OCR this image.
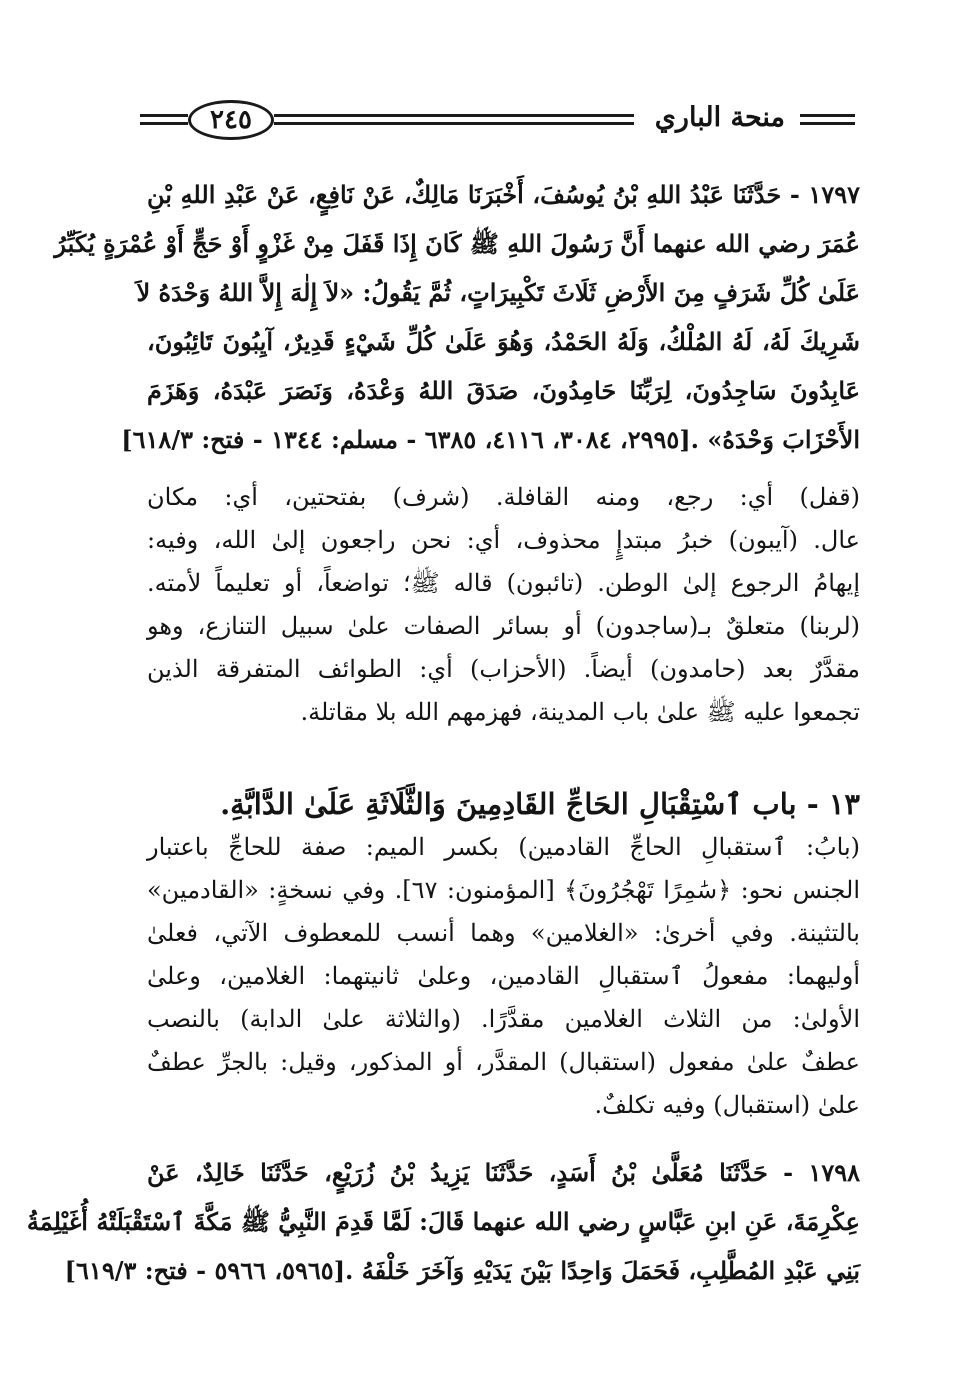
٢٤٥	منحة الباري
١٧٩٧ - حَدَّثَنَا عَبْدُ اللهِ بْنُ يُوسُفَ، أَخْبَرَنَا مَالِكٌ، عَنْ نَافِعٍ، عَنْ عَبْدِ اللهِ بْنِ
عُمَرَ رضي الله عنهما أَنَّ رَسُولَ اللهِ ﷺ كَانَ إِذَا قَفَلَ مِنْ غَزْوٍ أَوْ حَجٍّ أَوْ عُمْرَةٍ يُكَبِّرُ
عَلَىٰ كُلِّ شَرَفٍ مِنَ الأَرْضِ ثَلَاثَ تَكْبِيرَاتٍ، ثُمَّ يَقُولُ: «لاَ إِلٰهَ إِلاَّ اللهُ وَحْدَهُ لاَ
شَرِيكَ لَهُ، لَهُ المُلْكُ، وَلَهُ الحَمْدُ، وَهُوَ عَلَىٰ كُلِّ شَيْءٍ قَدِيرٌ، آيِبُونَ تَائِبُونَ،
عَابِدُونَ سَاجِدُونَ، لِرَبِّنَا حَامِدُونَ، صَدَقَ اللهُ وَعْدَهُ، وَنَصَرَ عَبْدَهُ، وَهَزَمَ
الأَحْزَابَ وَحْدَهُ» .[٢٩٩٥، ٣٠٨٤، ٤١١٦، ٦٣٨٥ - مسلم: ١٣٤٤ - فتح: ٦١٨/٣]
(قفل) أي: رجع، ومنه القافلة. (شرف) بفتحتين، أي: مكان
عال. (آيبون) خبرُ مبتدإٍ محذوف، أي: نحن راجعون إلىٰ الله، وفيه:
إيهامُ الرجوع إلىٰ الوطن. (تائبون) قاله ﷺ؛ تواضعاً، أو تعليماً لأمته.
(لربنا) متعلقٌ بـ(ساجدون) أو بسائر الصفات علىٰ سبيل التنازع، وهو
مقدَّرٌ بعد (حامدون) أيضاً. (الأحزاب) أي: الطوائف المتفرقة الذين
تجمعوا عليه ﷺ علىٰ باب المدينة، فهزمهم الله بلا مقاتلة.
١٣ - باب ٱسْتِقْبَالِ الحَاجِّ القَادِمِينَ وَالثَّلَاثَةِ عَلَىٰ الدَّابَّةِ.
(بابُ: ٱستقبالِ الحاجِّ القادمين) بكسر الميم: صفة للحاجِّ باعتبار
الجنس نحو: ﴿سَٰمِرًا تَهْجُرُونَ﴾ [المؤمنون: ٦٧]. وفي نسخةٍ: «القادمين»
بالتثينة. وفي أخرىٰ: «الغلامين» وهما أنسب للمعطوف الآتي، فعلىٰ
أوليهما: مفعولُ ٱستقبالِ القادمين، وعلىٰ ثانيتهما: الغلامين، وعلىٰ
الأولىٰ: من الثلاث الغلامين مقدَّرًا. (والثلاثة علىٰ الدابة) بالنصب
عطفٌ علىٰ مفعول (استقبال) المقدَّر، أو المذكور، وقيل: بالجرِّ عطفٌ
علىٰ (استقبال) وفيه تكلفٌ.
١٧٩٨ - حَدَّثَنَا مُعَلَّىٰ بْنُ أَسَدٍ، حَدَّثَنَا يَزِيدُ بْنُ زُرَيْعٍ، حَدَّثَنَا خَالِدٌ، عَنْ
عِكْرِمَةَ، عَنِ ابنِ عَبَّاسٍ رضي الله عنهما قَالَ: لَمَّا قَدِمَ النَّبِيُّ ﷺ مَكَّةَ ٱسْتَقْبَلَتْهُ أُغَيْلِمَةُ
بَنِي عَبْدِ المُطَّلِبِ، فَحَمَلَ وَاحِدًا بَيْنَ يَدَيْهِ وَآخَرَ خَلْفَهُ .[٥٩٦٥، ٥٩٦٦ - فتح: ٦١٩/٣]
